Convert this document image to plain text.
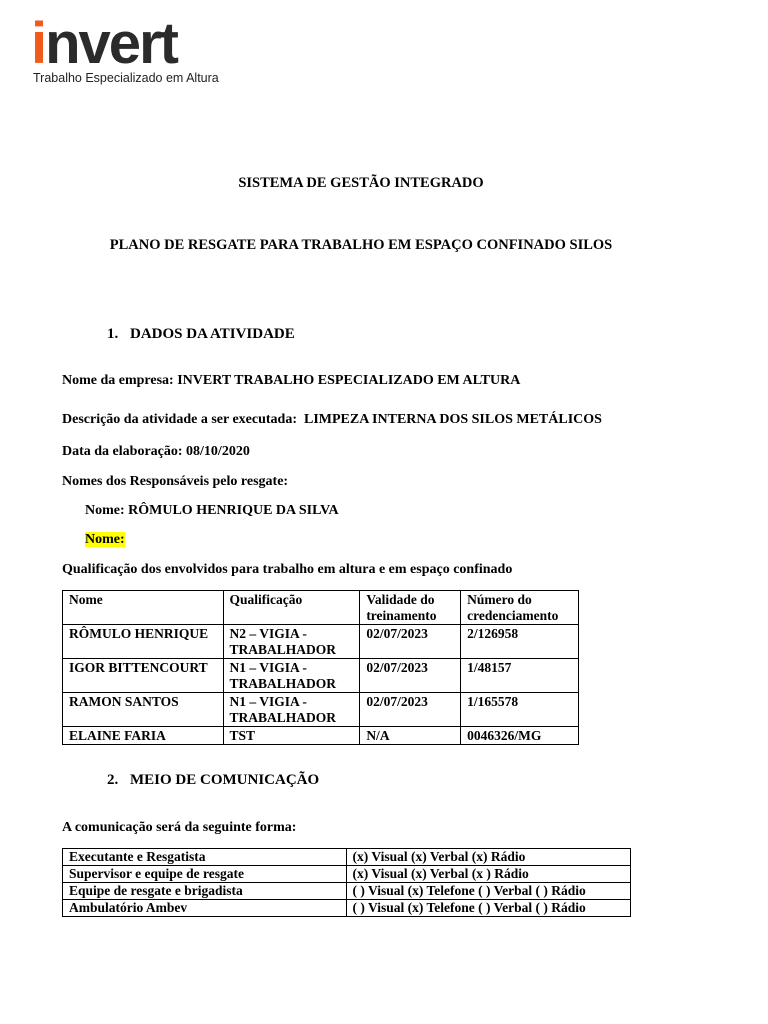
invert
Trabalho Especializado em Altura
SISTEMA DE GESTÃO INTEGRADO
PLANO DE RESGATE PARA TRABALHO EM ESPAÇO CONFINADO SILOS
1. DADOS DA ATIVIDADE
Nome da empresa: INVERT TRABALHO ESPECIALIZADO EM ALTURA
Descrição da atividade a ser executada: LIMPEZA INTERNA DOS SILOS METÁLICOS
Data da elaboração: 08/10/2020
Nomes dos Responsáveis pelo resgate:
Nome: RÔMULO HENRIQUE DA SILVA
Nome:
Qualificação dos envolvidos para trabalho em altura e em espaço confinado
Nome	Qualificação	Validade do treinamento	Número do credenciamento
RÔMULO HENRIQUE	N2 – VIGIA - TRABALHADOR	02/07/2023	2/126958
IGOR BITTENCOURT	N1 – VIGIA - TRABALHADOR	02/07/2023	1/48157
RAMON SANTOS	N1 – VIGIA - TRABALHADOR	02/07/2023	1/165578
ELAINE FARIA	TST	N/A	0046326/MG
2. MEIO DE COMUNICAÇÃO
A comunicação será da seguinte forma:
Executante e Resgatista	(x) Visual (x) Verbal (x) Rádio
Supervisor e equipe de resgate	(x) Visual (x) Verbal (x ) Rádio
Equipe de resgate e brigadista	( ) Visual (x) Telefone ( ) Verbal ( ) Rádio
Ambulatório Ambev	( ) Visual (x) Telefone ( ) Verbal ( ) Rádio
